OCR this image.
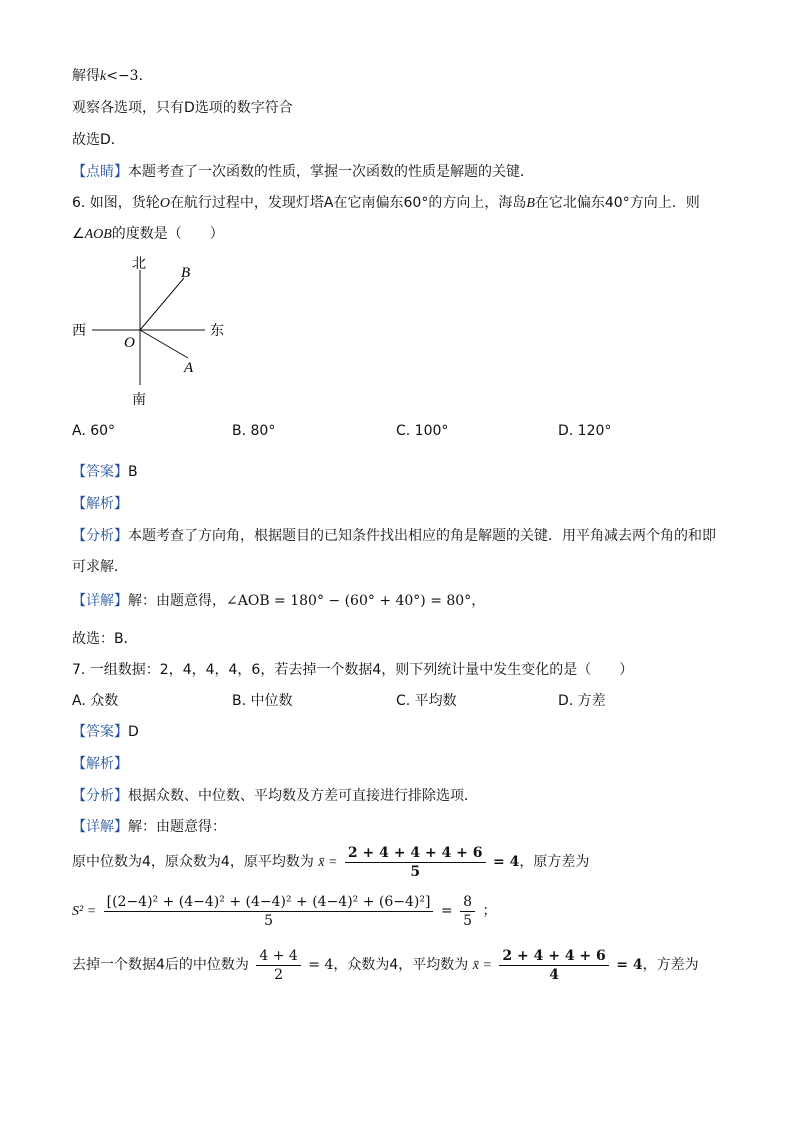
解得k<−3．
观察各选项，只有D选项的数字符合
故选D．
【点睛】本题考查了一次函数的性质，掌握一次函数的性质是解题的关键．
6. 如图，货轮O在航行过程中，发现灯塔A在它南偏东60°的方向上，海岛B在它北偏东40°方向上．则
∠AOB的度数是（　　）
北
南
东
西
O
A
B
A. 60°	B. 80°	C. 100°	D. 120°
【答案】B
【解析】
【分析】本题考查了方向角，根据题目的已知条件找出相应的角是解题的关键．用平角减去两个角的和即
可求解．
【详解】解：由题意得，∠AOB = 180° − (60° + 40°) = 80°，
故选：B．
7. 一组数据：2，4，4，4，6，若去掉一个数据4，则下列统计量中发生变化的是（　　）
A. 众数	B. 中位数	C. 平均数	D. 方差
【答案】D
【解析】
【分析】根据众数、中位数、平均数及方差可直接进行排除选项．
【详解】解：由题意得：
原中位数为4，原众数为4，原平均数为 x̄ = $\frac{2 + 4 + 4 + 4 + 6}{5} = 4$，原方差为
$S^2 = \frac{\text{[(2−4)² + (4−4)² + (4−4)² + (4−4)² + (6−4)²]}}{5} = \frac{8}{5}$ ；
去掉一个数据4后的中位数为 $\frac{4 + 4}{2} = 4$，众数为4，平均数为 x̄ = $\frac{2 + 4 + 4 + 6}{4} = 4$，方差为
